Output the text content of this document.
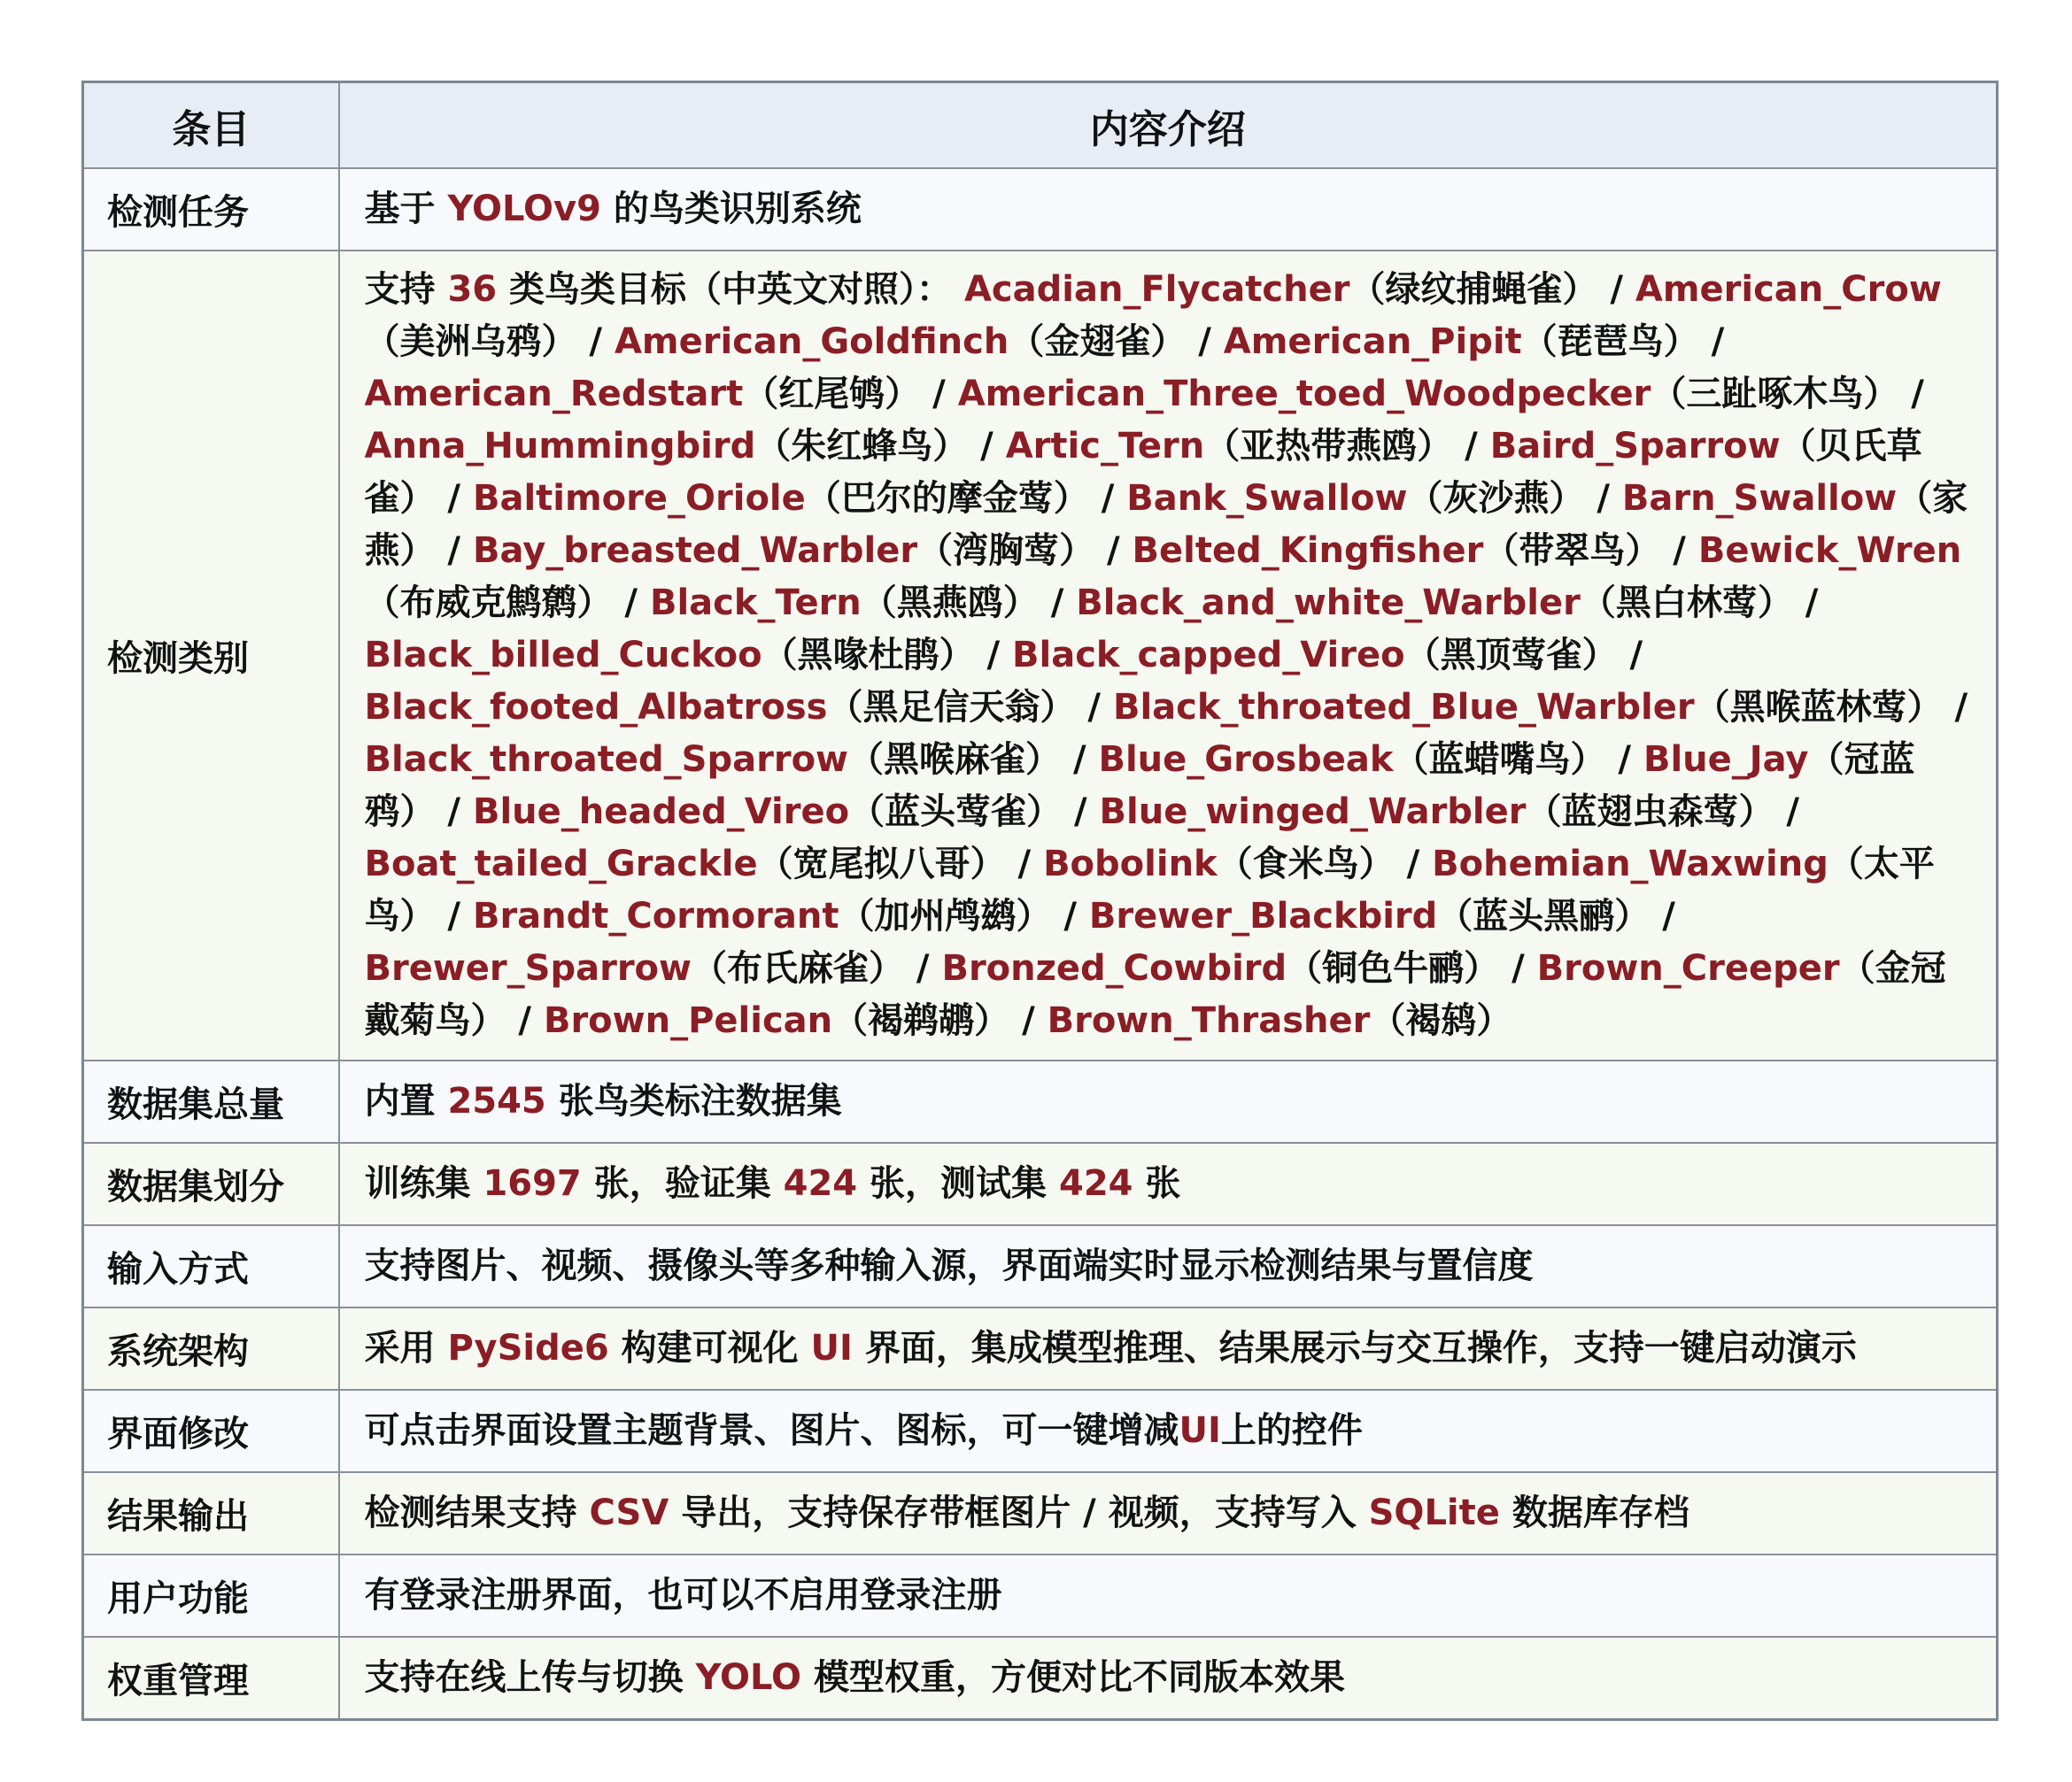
条目	内容介绍
检测任务	基于 YOLOv9 的鸟类识别系统
检测类别	支持 36 类鸟类目标（中英文对照）： Acadian_Flycatcher（绿纹捕蝇雀） / American_Crow（美洲乌鸦） / American_Goldfinch（金翅雀） / American_Pipit（琵琶鸟） / American_Redstart（红尾鸲） / American_Three_toed_Woodpecker（三趾啄木鸟） / Anna_Hummingbird（朱红蜂鸟） / Artic_Tern（亚热带燕鸥） / Baird_Sparrow（贝氏草雀） / Baltimore_Oriole（巴尔的摩金莺） / Bank_Swallow（灰沙燕） / Barn_Swallow（家燕） / Bay_breasted_Warbler（湾胸莺） / Belted_Kingfisher（带翠鸟） / Bewick_Wren（布威克鹪鹩） / Black_Tern（黑燕鸥） / Black_and_white_Warbler（黑白林莺） / Black_billed_Cuckoo（黑喙杜鹃） / Black_capped_Vireo（黑顶莺雀） / Black_footed_Albatross（黑足信天翁） / Black_throated_Blue_Warbler（黑喉蓝林莺） / Black_throated_Sparrow（黑喉麻雀） / Blue_Grosbeak（蓝蜡嘴鸟） / Blue_Jay（冠蓝鸦） / Blue_headed_Vireo（蓝头莺雀） / Blue_winged_Warbler（蓝翅虫森莺） / Boat_tailed_Grackle（宽尾拟八哥） / Bobolink（食米鸟） / Bohemian_Waxwing（太平鸟） / Brandt_Cormorant（加州鸬鹚） / Brewer_Blackbird（蓝头黑鹂） / Brewer_Sparrow（布氏麻雀） / Bronzed_Cowbird（铜色牛鹂） / Brown_Creeper（金冠戴菊鸟） / Brown_Pelican（褐鹈鹕） / Brown_Thrasher（褐鸫）
数据集总量	内置 2545 张鸟类标注数据集
数据集划分	训练集 1697 张，验证集 424 张，测试集 424 张
输入方式	支持图片、视频、摄像头等多种输入源，界面端实时显示检测结果与置信度
系统架构	采用 PySide6 构建可视化 UI 界面，集成模型推理、结果展示与交互操作，支持一键启动演示
界面修改	可点击界面设置主题背景、图片、图标，可一键增减UI上的控件
结果输出	检测结果支持 CSV 导出，支持保存带框图片 / 视频，支持写入 SQLite 数据库存档
用户功能	有登录注册界面，也可以不启用登录注册
权重管理	支持在线上传与切换 YOLO 模型权重，方便对比不同版本效果
